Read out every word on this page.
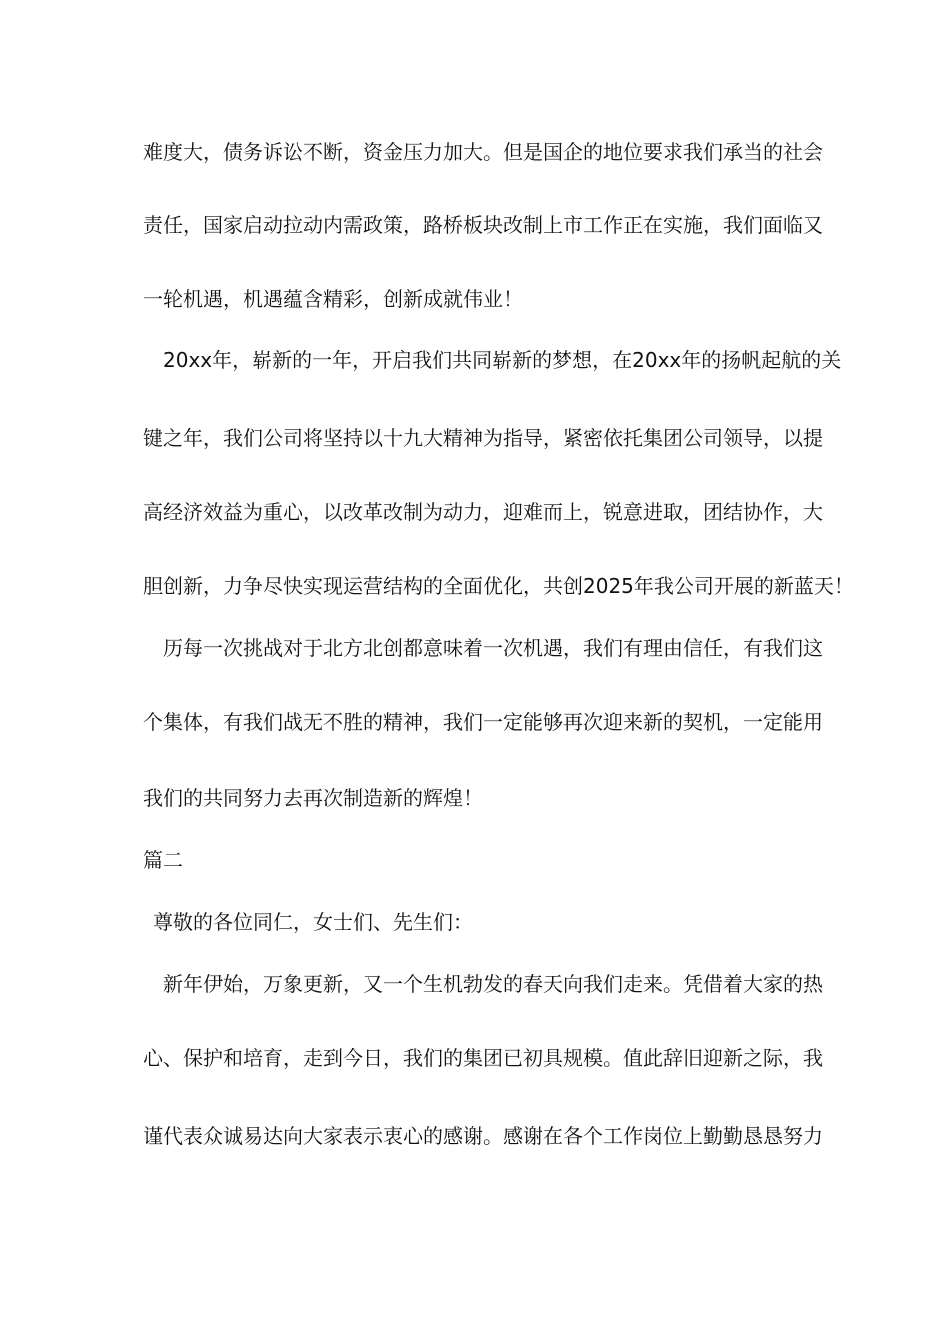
难度大，债务诉讼不断，资金压力加大。但是国企的地位要求我们承当的社会
责任，国家启动拉动内需政策，路桥板块改制上市工作正在实施，我们面临又
一轮机遇，机遇蕴含精彩，创新成就伟业！
20xx年，崭新的一年，开启我们共同崭新的梦想，在20xx年的扬帆起航的关
键之年，我们公司将坚持以十九大精神为指导，紧密依托集团公司领导，以提
高经济效益为重心，以改革改制为动力，迎难而上，锐意进取，团结协作，大
胆创新，力争尽快实现运营结构的全面优化，共创2025年我公司开展的新蓝天！
历每一次挑战对于北方北创都意味着一次机遇，我们有理由信任，有我们这
个集体，有我们战无不胜的精神，我们一定能够再次迎来新的契机，一定能用
我们的共同努力去再次制造新的辉煌！
篇二
尊敬的各位同仁，女士们、先生们：
新年伊始，万象更新，又一个生机勃发的春天向我们走来。凭借着大家的热
心、保护和培育，走到今日，我们的集团已初具规模。值此辞旧迎新之际，我
谨代表众诚易达向大家表示衷心的感谢。感谢在各个工作岗位上勤勤恳恳努力
